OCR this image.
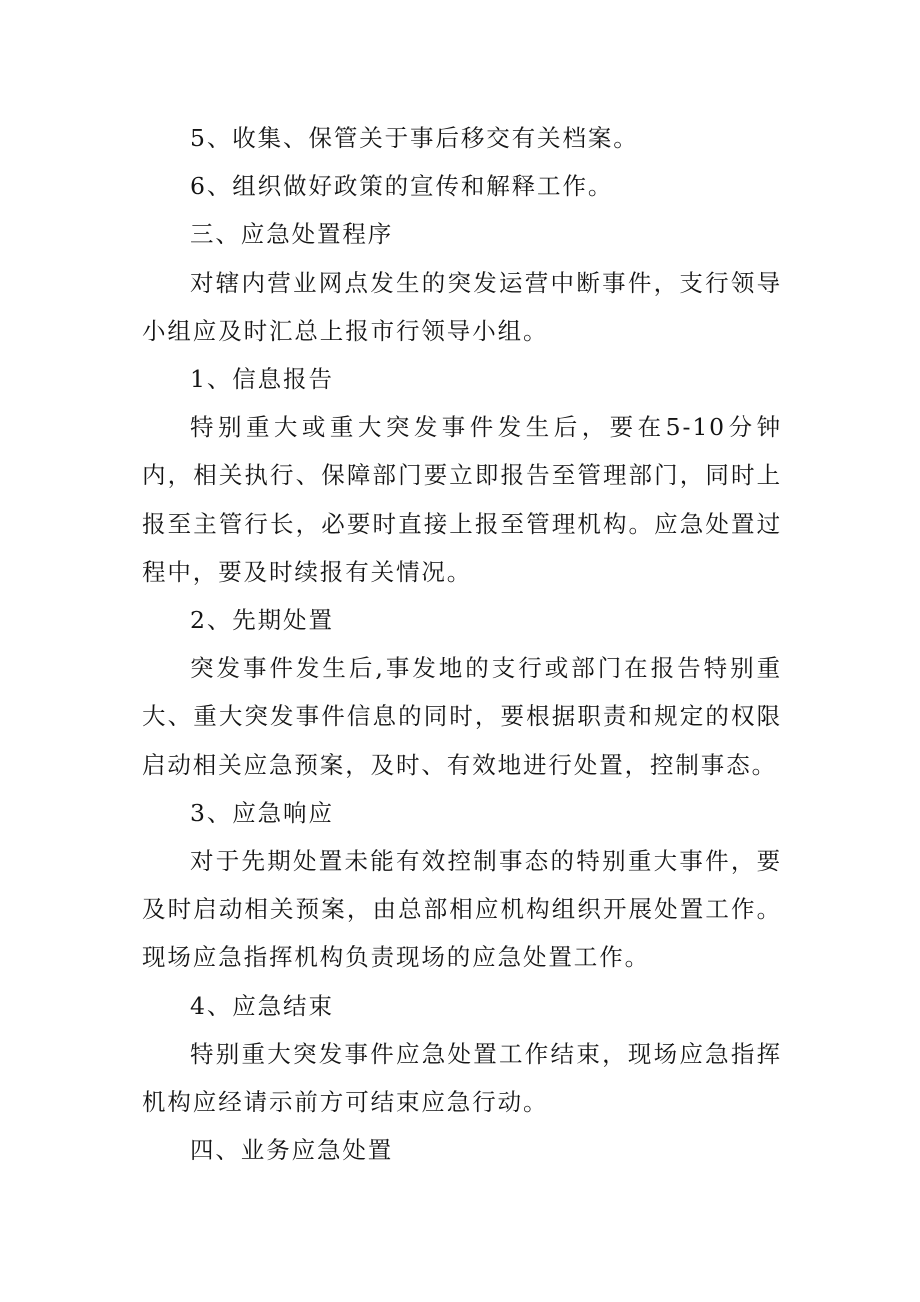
5、收集、保管关于事后移交有关档案。

6、组织做好政策的宣传和解释工作。

三、应急处置程序

对辖内营业网点发生的突发运营中断事件，支行领导小组应及时汇总上报市行领导小组。

1、信息报告

特别重大或重大突发事件发生后，要在5-10分钟内，相关执行、保障部门要立即报告至管理部门，同时上报至主管行长，必要时直接上报至管理机构。应急处置过程中，要及时续报有关情况。

2、先期处置

突发事件发生后,事发地的支行或部门在报告特别重大、重大突发事件信息的同时，要根据职责和规定的权限启动相关应急预案，及时、有效地进行处置，控制事态。

3、应急响应

对于先期处置未能有效控制事态的特别重大事件，要及时启动相关预案，由总部相应机构组织开展处置工作。现场应急指挥机构负责现场的应急处置工作。

4、应急结束

特别重大突发事件应急处置工作结束，现场应急指挥机构应经请示前方可结束应急行动。

四、业务应急处置
